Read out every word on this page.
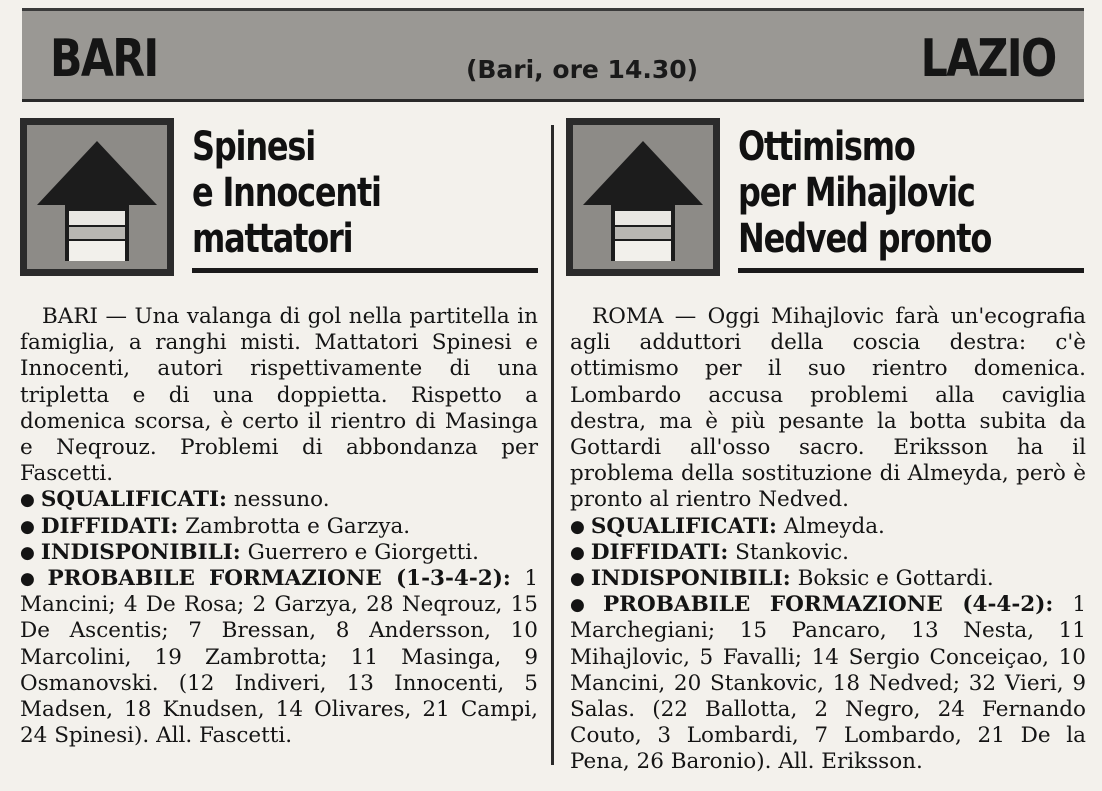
BARI	(Bari, ore 14.30)	LAZIO
Spinesi
e Innocenti
mattatori

BARI — Una valanga di gol nella partitella in famiglia, a ranghi misti. Mattatori Spinesi e Innocenti, autori rispettivamente di una tripletta e di una doppietta. Rispetto a domenica scorsa, è certo il rientro di Masinga e Neqrouz. Problemi di abbondanza per Fascetti.

● SQUALIFICATI: nessuno.

● DIFFIDATI: Zambrotta e Garzya.

● INDISPONIBILI: Guerrero e Giorgetti.

● PROBABILE FORMAZIONE (1-3-4-2): 1 Mancini; 4 De Rosa; 2 Garzya, 28 Neqrouz, 15 De Ascentis; 7 Bressan, 8 Andersson, 10 Marcolini, 19 Zambrotta; 11 Masinga, 9 Osmanovski. (12 Indiveri, 13 Innocenti, 5 Madsen, 18 Knudsen, 14 Olivares, 21 Campi, 24 Spinesi). All. Fascetti.

Ottimismo
per Mihajlovic
Nedved pronto

ROMA — Oggi Mihajlovic farà un'ecografia agli adduttori della coscia destra: c'è ottimismo per il suo rientro domenica. Lombardo accusa problemi alla caviglia destra, ma è più pesante la botta subita da Gottardi all'osso sacro. Eriksson ha il problema della sostituzione di Almeyda, però è pronto al rientro Nedved.

● SQUALIFICATI: Almeyda.

● DIFFIDATI: Stankovic.

● INDISPONIBILI: Boksic e Gottardi.

● PROBABILE FORMAZIONE (4-4-2): 1 Marchegiani; 15 Pancaro, 13 Nesta, 11 Mihajlovic, 5 Favalli; 14 Sergio Conceiçao, 10 Mancini, 20 Stankovic, 18 Nedved; 32 Vieri, 9 Salas. (22 Ballotta, 2 Negro, 24 Fernando Couto, 3 Lombardi, 7 Lombardo, 21 De la Pena, 26 Baronio). All. Eriksson.
